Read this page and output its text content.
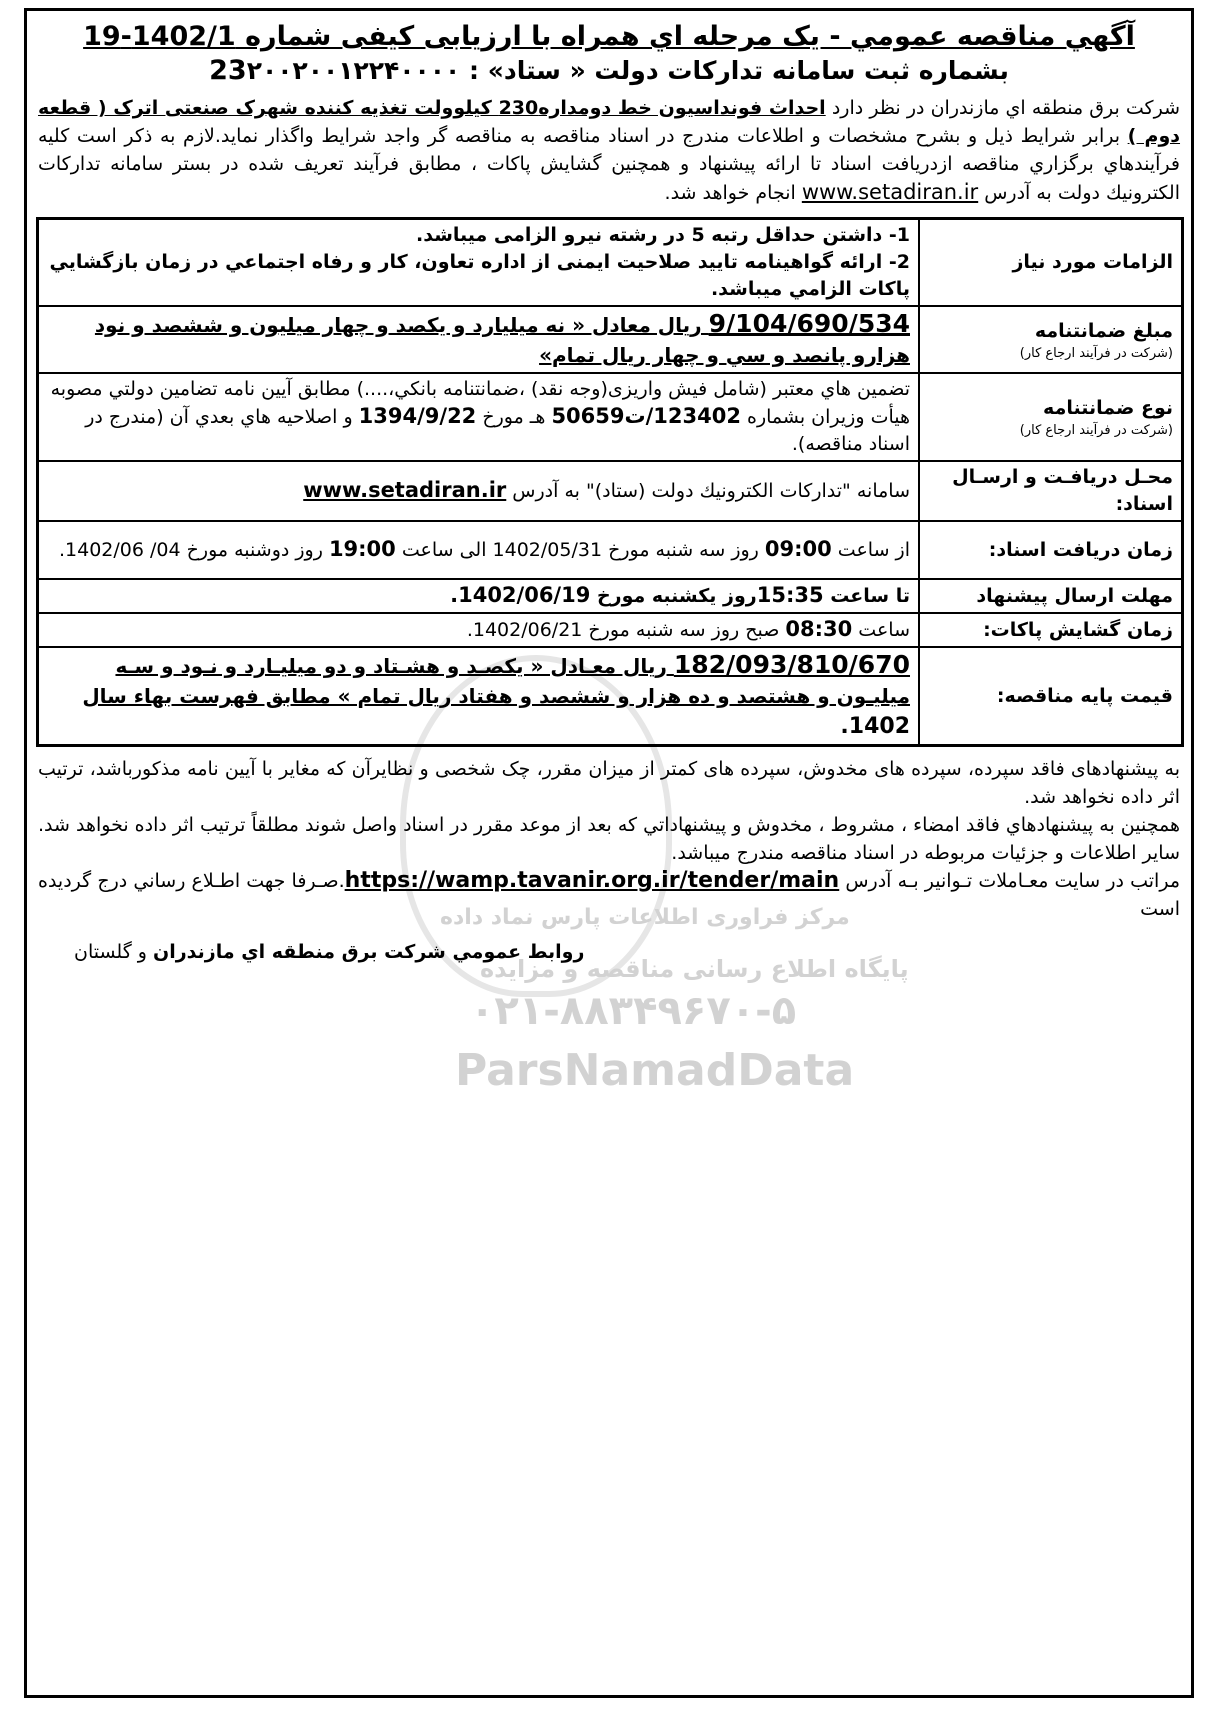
مرکز فراوری اطلاعات پارس نماد داده
پایگاه اطلاع رسانی مناقصه و مزایده
۰۲۱-۸۸۳۴۹۶۷۰-۵
ParsNamadData
آگهي مناقصه عمومي - يک مرحله اي همراه با ارزيابی کيفی شماره 1402/1-19
بشماره ثبت سامانه تدارکات دولت « ستاد» : 23۲۰۰۲۰۰۱۲۲۴۰۰۰۰
شرکت برق منطقه اي مازندران در نظر دارد احداث فونداسيون خط دومداره230 کيلوولت تغذيه کننده شهرک صنعتی اترک ( قطعه دوم ) برابر شرايط ذيل و بشرح مشخصات و اطلاعات مندرج در اسناد مناقصه به مناقصه گر واجد شرايط واگذار نمايد.لازم به ذکر است کليه فرآيندهاي برگزاري مناقصه ازدريافت اسناد تا ارائه پيشنهاد و همچنين گشايش پاکات ، مطابق فرآيند تعريف شده در بستر سامانه تدارکات الکترونيك دولت به آدرس www.setadiran.ir انجام خواهد شد.
الزامات مورد نياز	1- داشتن حداقل رتبه 5 در رشته نيرو الزامی ميباشد.
2- ارائه گواهينامه تاييد صلاحيت ايمنی از اداره تعاون، کار و رفاه اجتماعي در زمان بازگشايي پاكات الزامي ميباشد.
مبلغ ضمانتنامه
(شرکت در فرآيند ارجاع کار)	9/104/690/534 ريال معادل « نه ميليارد و يكصد و چهار ميليون و ششصد و نود هزارو پانصد و سي و چهار ريال تمام»
نوع ضمانتنامه
(شرکت در فرآيند ارجاع کار)	تضمين هاي معتبر (شامل فيش واريزی(وجه نقد) ،ضمانتنامه بانکي،....) مطابق آيين نامه تضامين دولتي مصوبه هيأت وزيران بشماره 123402/ت50659 هـ مورخ 1394/9/22 و اصلاحيه هاي بعدي آن (مندرج در اسناد مناقصه).
محـل دريافـت و ارسـال اسناد:	سامانه "تدارکات الکترونيك دولت (ستاد)" به آدرس www.setadiran.ir
زمان دريافت اسناد:	از ساعت 09:00 روز سه شنبه مورخ 1402/05/31 الی ساعت 19:00 روز دوشنبه مورخ 04/ 1402/06.
مهلت ارسال پيشنهاد	تا ساعت 15:35روز يکشنبه مورخ 1402/06/19.
زمان گشايش پاکات:	ساعت 08:30 صبح روز سه شنبه مورخ 1402/06/21.
قيمت پايه مناقصه:	182/093/810/670 ريال معـادل « يكصـد و هشـتاد و دو ميليـارد و نـود و سـه ميليـون و هشتصد و ده هزار و ششصد و هفتاد ريال تمام » مطابق فهرست بهاء سال 1402.
به پيشنهادهای فاقد سپرده، سپرده های مخدوش، سپرده های کمتر از ميزان مقرر، چک شخصی و نظايرآن که مغاير با آيين نامه مذکورباشد، ترتيب اثر داده نخواهد شد.
همچنين به پيشنهادهاي فاقد امضاء ، مشروط ، مخدوش و پيشنهاداتي كه بعد از موعد مقرر در اسناد واصل شوند مطلقاً ترتيب اثر داده نخواهد شد. ساير اطلاعات و جزئيات مربوطه در اسناد مناقصه مندرج ميباشد.
مراتب در سايت معـاملات تـوانير بـه آدرس https://wamp.tavanir.org.ir/tender/main.صـرفا جهت اطـلاع رساني درج گرديده است
روابط عمومي شركت برق منطقه اي مازندران و گلستان
